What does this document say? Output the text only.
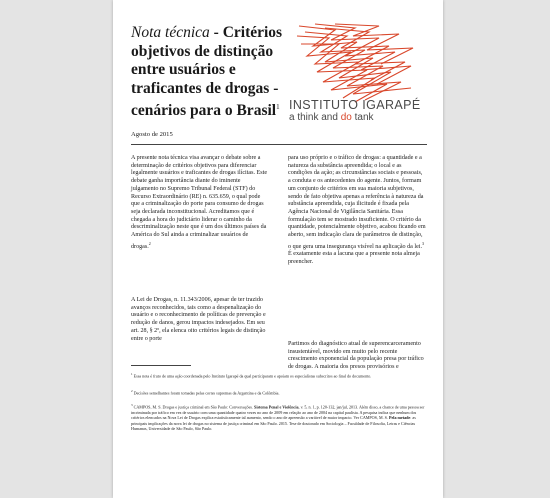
Nota técnica - Critérios objetivos de distinção entre usuários e traficantes de drogas - cenários para o Brasil$^1$ INSTITUTO IGARAPÉ
a think and do tank
Agosto de 2015

A presente nota técnica visa avançar o debate sobre a determinação de critérios objetivos para diferenciar legalmente usuários e traficantes de drogas ilícitas. Este debate ganha importância diante do iminente julgamento no Supremo Tribunal Federal (STF) do Recurso Extraordinário (RE) n. 635.659, o qual pode que a criminalização do porte para consumo de drogas seja declarada inconstitucional. Acreditamos que é chegada a hora do judiciário liderar o caminho da descriminalização neste que é um dos últimos países da América do Sul ainda a criminalizar usuários de drogas.$^2$

A Lei de Drogas, n. 11.343/2006, apesar de ter trazido avanços reconhecidos, tais como a despenalização do usuário e o reconhecimento de políticas de prevenção e redução de danos, gerou impactos indesejados. Em seu art. 28, § 2º, ela elenca oito critérios legais de distinção entre o porte

para uso próprio e o tráfico de drogas: a quantidade e a natureza da substância apreendida; o local e as condições da ação; as circunstâncias sociais e pessoais, a conduta e os antecedentes do agente. Juntos, formam um conjunto de critérios em sua maioria subjetivos, sendo de fato objetiva apenas a referência à natureza da substância apreendida, cuja ilicitude é fixada pela Agência Nacional de Vigilância Sanitária. Essa formulação tem se mostrado insuficiente. O critério da quantidade, potencialmente objetivo, acabou ficando em aberto, sem indicação clara de parâmetros de distinção, o que gera uma insegurança visível na aplicação da lei.$^3$ É exatamente esta a lacuna que a presente nota almeja preencher.

Partimos do diagnóstico atual de superencarceramento insustentável, movido em muito pelo recente crescimento exponencial da população presa por tráfico de drogas. A maioria dos presos provisórios e

$^1$ Essa nota é fruto de uma ação coordenada pelo Instituto Igarapé da qual participaram e apoiam os especialistas subscritos ao final do documento.
$^2$ Decisões semelhantes foram tomadas pelas cortes supremas da Argentina e da Colômbia.
$^3$ CAMPOS, M. S. Drogas e justiça criminal em São Paulo: Conversações. Sistema Penal e Violência, v. 5, n. 1, p. 120-132, jan/jul, 2013. Além disso, a chance de uma pessoa ser incriminada por tráfico em vez de usuário com uma quantidade quatro vezes no ano de 2009 em relação ao ano de 2004 na capital paulista. A pesquisa indica que nenhum dos critérios elencados na Nova Lei de Drogas explica estatisticamente tal aumento, sendo o ano de apreensão a variável de maior impacto. Ver CAMPOS, M. S. Pela metade: as principais implicações da nova lei de drogas no sistema de justiça criminal em São Paulo. 2015. Tese de doutorado em Sociologia – Faculdade de Filosofia, Letras e Ciências Humanas, Universidade de São Paulo, São Paulo.
